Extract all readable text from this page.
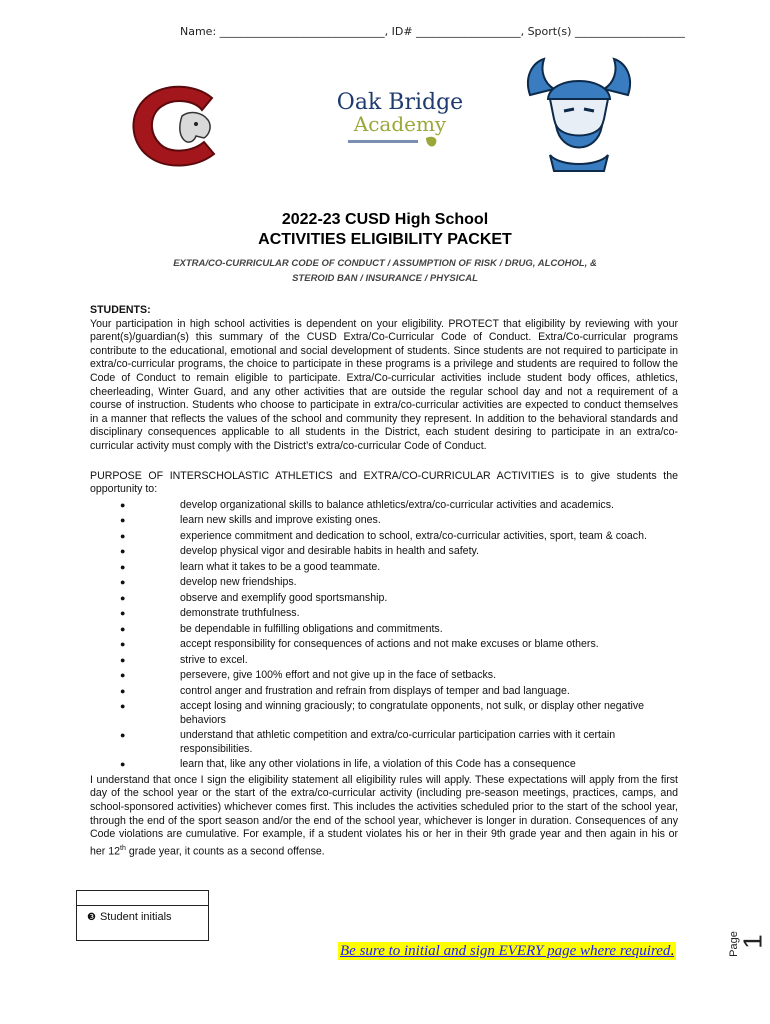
Name: ______________________________, ID# ___________________, Sport(s) ____________________
Oak Bridge
Academy
2022-23 CUSD High School
ACTIVITIES ELIGIBILITY PACKET
EXTRA/CO-CURRICULAR CODE OF CONDUCT / ASSUMPTION OF RISK / DRUG, ALCOHOL, &
STEROID BAN / INSURANCE / PHYSICAL
STUDENTS:

Your participation in high school activities is dependent on your eligibility. PROTECT that eligibility by reviewing with your parent(s)/guardian(s) this summary of the CUSD Extra/Co-Curricular Code of Conduct. Extra/Co-curricular programs contribute to the educational, emotional and social development of students. Since students are not required to participate in extra/co-curricular programs, the choice to participate in these programs is a privilege and students are required to follow the Code of Conduct to remain eligible to participate. Extra/Co-curricular activities include student body offices, athletics, cheerleading, Winter Guard, and any other activities that are outside the regular school day and not a requirement of a course of instruction. Students who choose to participate in extra/co-curricular activities are expected to conduct themselves in a manner that reflects the values of the school and community they represent. In addition to the behavioral standards and disciplinary consequences applicable to all students in the District, each student desiring to participate in an extra/co-curricular activity must comply with the District’s extra/co-curricular Code of Conduct.

PURPOSE OF INTERSCHOLASTIC ATHLETICS and EXTRA/CO-CURRICULAR ACTIVITIES is to give students the opportunity to:

●	develop organizational skills to balance athletics/extra/co-curricular activities and academics.
●	learn new skills and improve existing ones.
●	experience commitment and dedication to school, extra/co-curricular activities, sport, team & coach.
●	develop physical vigor and desirable habits in health and safety.
●	learn what it takes to be a good teammate.
●	develop new friendships.
●	observe and exemplify good sportsmanship.
●	demonstrate truthfulness.
●	be dependable in fulfilling obligations and commitments.
●	accept responsibility for consequences of actions and not make excuses or blame others.
●	strive to excel.
●	persevere, give 100% effort and not give up in the face of setbacks.
●	control anger and frustration and refrain from displays of temper and bad language.
●	accept losing and winning graciously; to congratulate opponents, not sulk, or display other negative behaviors
●	understand that athletic competition and extra/co-curricular participation carries with it certain responsibilities.
●	learn that, like any other violations in life, a violation of this Code has a consequence

I understand that once I sign the eligibility statement all eligibility rules will apply. These expectations will apply from the first day of the school year or the start of the extra/co-curricular activity (including pre-season meetings, practices, camps, and school-sponsored activities) whichever comes first. This includes the activities scheduled prior to the start of the school year, through the end of the sport season and/or the end of the school year, whichever is longer in duration. Consequences of any Code violations are cumulative. For example, if a student violates his or her in their 9th grade year and then again in his or her 12th grade year, it counts as a second offense.

❸ Student initials
Be sure to initial and sign EVERY page where required.	Page
1
